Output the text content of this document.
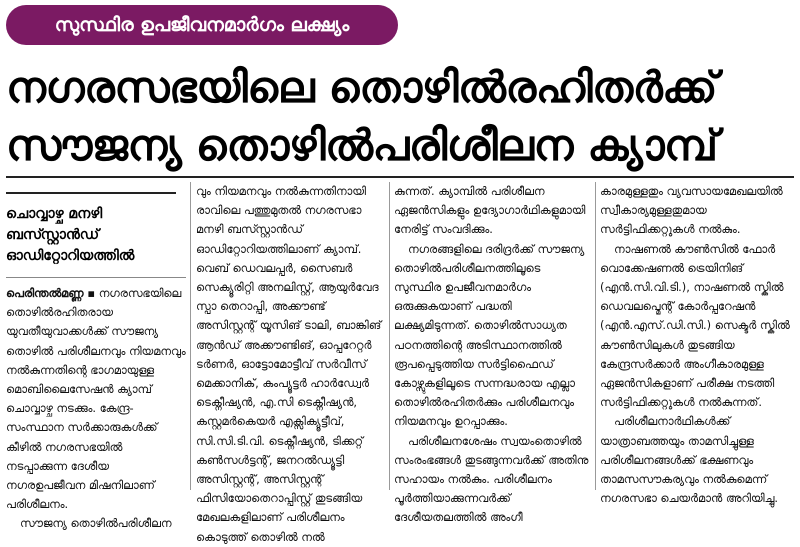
സുസ്ഥിര ഉപജീവനമാർഗം ലക്ഷ്യം
നഗരസഭയിലെ തൊഴിൽരഹിതർക്ക്
സൗജന്യ തൊഴിൽപരിശീലന ക്യാമ്പ്
ചൊവ്വാഴ്ച മനഴി
ബസ്സ്റ്റാൻഡ്
ഓഡിറ്റോറിയത്തിൽ

പെരിന്തൽമണ്ണ ▪ നഗരസഭയിലെ തൊഴിൽരഹിതരായ യുവതീയുവാക്കൾക്ക് സൗജന്യ തൊഴിൽ പരിശീലനവും നിയമനവും നൽകുന്നതിന്റെ ഭാഗമായുള്ള മൊബിലൈസേഷൻ ക്യാമ്പ് ചൊവ്വാഴ്ച നടക്കും. കേന്ദ്ര-സംസ്ഥാന സർക്കാരുകൾക്ക് കീഴിൽ നഗരസഭയിൽ നടപ്പാക്കുന്ന ദേശീയ നഗരഉപജീവന മിഷനിലാണ് പരിശീലനം.

സൗജന്യ തൊഴിൽപരിശീലന

വും നിയമനവും നൽകുന്നതിനായി രാവിലെ പത്തുമുതൽ നഗരസഭാ മനഴി ബസ്സ്റ്റാൻഡ് ഓഡിറ്റോറിയത്തിലാണ് ക്യാമ്പ്. വെബ് ഡെവലപ്പർ, സൈബർ സെക്യൂരിറ്റി അനലിസ്റ്റ്, ആയുർവേദ സ്പാ തെറാപ്പി, അക്കൗണ്ട് അസിസ്റ്റന്റ് യൂസിങ് ടാലി, ബാങ്കിങ് ആൻഡ് അക്കൗണ്ടിങ്, ഓപ്പറേറ്റർ ടർണർ, ഓട്ടോമോട്ടീവ് സർവീസ് മെക്കാനിക്, കംപ്യൂട്ടർ ഹാർഡ്വേർ ടെക്നീഷ്യൻ, എ.സി ടെക്നീഷ്യൻ, കസ്റ്റമർകെയർ എക്സിക്യൂട്ടീവ്, സി.സി.ടി.വി. ടെക്നീഷ്യൻ, ടിക്കറ്റ് കൺസൾട്ടന്റ്, ജനറൽഡ്യൂട്ടി അസിസ്റ്റന്റ്, അസിസ്റ്റന്റ് ഫിസിയോതെറാപ്പിസ്റ്റ് തുടങ്ങിയ മേഖലകളിലാണ് പരിശീലനം കൊടുത്ത് തൊഴിൽ നൽ

കുന്നത്. ക്യാമ്പിൽ പരിശീലന ഏജൻസികളും ഉദ്യോഗാർഥികളുമായി നേരിട്ട് സംവദിക്കും.

നഗരങ്ങളിലെ ദരിദ്രർക്ക് സൗജന്യ തൊഴിൽപരിശീലനത്തിലൂടെ സുസ്ഥിര ഉപജീവനമാർഗം ഒരുക്കുകയാണ് പദ്ധതി ലക്ഷ്യമിടുന്നത്. തൊഴിൽസാധ്യത പഠനത്തിന്റെ അടിസ്ഥാനത്തിൽ രൂപപ്പെടുത്തിയ സർട്ടിഫൈഡ് കോഴ്സുകളിലൂടെ സന്നദ്ധരായ എല്ലാ തൊഴിൽരഹിതർക്കും പരിശീലനവും നിയമനവും ഉറപ്പാക്കും.

പരിശീലനശേഷം സ്വയംതൊഴിൽ സംരംഭങ്ങൾ തുടങ്ങുന്നവർക്ക് അതിനു സഹായം നൽകും. പരിശീലനം പൂർത്തിയാക്കുന്നവർക്ക് ദേശീയതലത്തിൽ അംഗീ

കാരമുള്ളതും വ്യവസായമേഖലയിൽ സ്വീകാര്യമുള്ളതുമായ സർട്ടിഫിക്കറ്റുകൾ നൽകും.

നാഷണൽ കൗൺസിൽ ഫോർ വൊക്കേഷണൽ ട്രെയിനിങ് (എൻ.സി.വി.ടി.), നാഷണൽ സ്കിൽ ഡെവലപ്മെന്റ് കോർപ്പറേഷൻ (എൻ.എസ്.ഡി.സി.) സെക്ടർ സ്കിൽ കൗൺസിലുകൾ തുടങ്ങിയ കേന്ദ്രസർക്കാർ അംഗീകാരമുള്ള ഏജൻസികളാണ് പരീക്ഷ നടത്തി സർട്ടിഫിക്കറ്റുകൾ നൽകുന്നത്.

പരിശീലനാർഥികൾക്ക് യാത്രാബത്തയും താമസിച്ചുള്ള പരിശീലനങ്ങൾക്ക് ഭക്ഷണവും താമസസൗകര്യവും നൽകുമെന്ന് നഗരസഭാ ചെയർമാൻ അറിയിച്ചു.
